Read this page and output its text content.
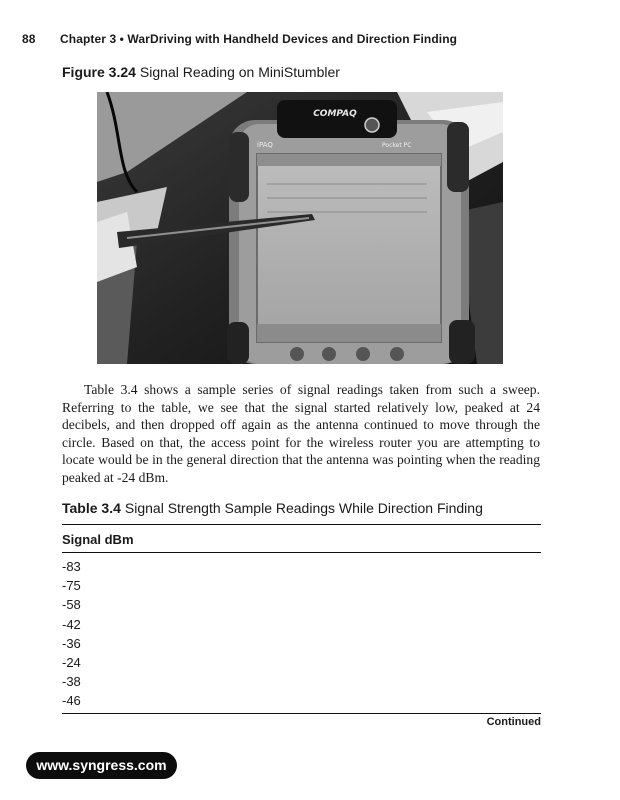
88 Chapter 3 • WarDriving with Handheld Devices and Direction Finding
Figure 3.24 Signal Reading on MiniStumbler
COMPAQ
iPAQ	Pocket PC

Table 3.4 shows a sample series of signal readings taken from such a sweep. Referring to the table, we see that the signal started relatively low, peaked at 24 decibels, and then dropped off again as the antenna continued to move through the circle. Based on that, the access point for the wireless router you are attempting to locate would be in the general direction that the antenna was pointing when the reading peaked at -24 dBm.

Table 3.4 Signal Strength Sample Readings While Direction Finding
Signal dBm
-83
-75
-58
-42
-36
-24
-38
-46
Continued
www.syngress.com
